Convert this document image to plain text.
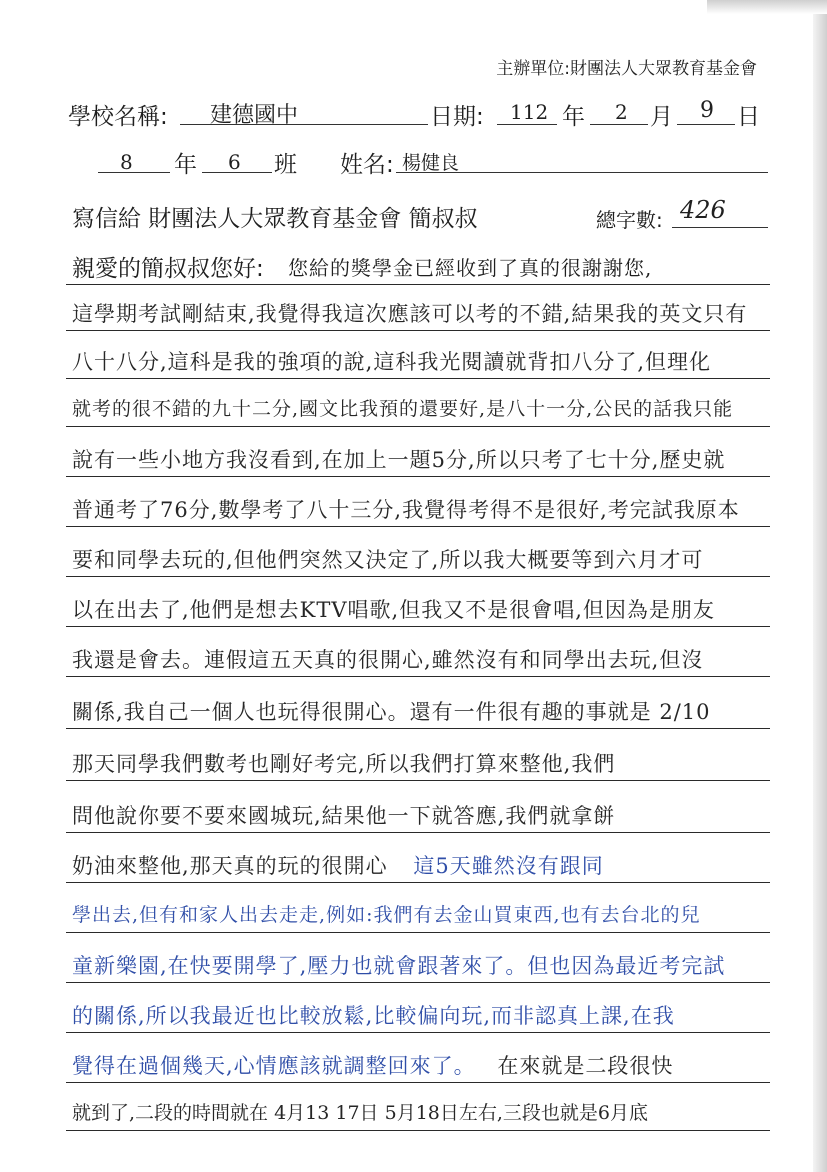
主辦單位:財團法人大眾教育基金會
學校名稱: 建德國中	日期: 112 年 2 月 9 日
8 年 6 班 姓名: 楊健良
寫信給 財團法人大眾教育基金會 簡叔叔	總字數: 426
親愛的簡叔叔您好: 您給的獎學金已經收到了真的很謝謝您,
這學期考試剛結束,我覺得我這次應該可以考的不錯,結果我的英文只有
八十八分,這科是我的強項的說,這科我光閱讀就背扣八分了,但理化
就考的很不錯的九十二分,國文比我預的還要好,是八十一分,公民的話我只能
說有一些小地方我沒看到,在加上一題5分,所以只考了七十分,歷史就
普通考了76分,數學考了八十三分,我覺得考得不是很好,考完試我原本
要和同學去玩的,但他們突然又決定了,所以我大概要等到六月才可
以在出去了,他們是想去KTV唱歌,但我又不是很會唱,但因為是朋友
我還是會去。連假這五天真的很開心,雖然沒有和同學出去玩,但沒
關係,我自己一個人也玩得很開心。還有一件很有趣的事就是 2/10
那天同學我們數考也剛好考完,所以我們打算來整他,我們
問他說你要不要來國城玩,結果他一下就答應,我們就拿餅
奶油來整他,那天真的玩的很開心 這5天雖然沒有跟同
學出去,但有和家人出去走走,例如:我們有去金山買東西,也有去台北的兒
童新樂園,在快要開學了,壓力也就會跟著來了。但也因為最近考完試
的關係,所以我最近也比較放鬆,比較偏向玩,而非認真上課,在我
覺得在過個幾天,心情應該就調整回來了。 在來就是二段很快
就到了,二段的時間就在 4月13 17日 5月18日左右,三段也就是6月底
